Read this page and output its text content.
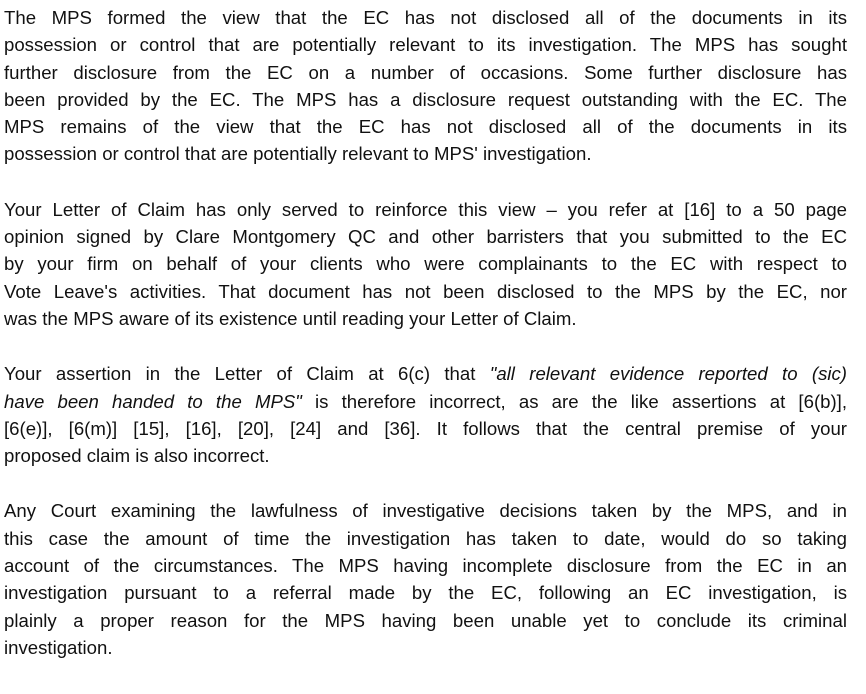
The MPS formed the view that the EC has not disclosed all of the documents in its
possession or control that are potentially relevant to its investigation. The MPS has sought
further disclosure from the EC on a number of occasions. Some further disclosure has
been provided by the EC. The MPS has a disclosure request outstanding with the EC. The
MPS remains of the view that the EC has not disclosed all of the documents in its
possession or control that are potentially relevant to MPS' investigation.

Your Letter of Claim has only served to reinforce this view – you refer at [16] to a 50 page
opinion signed by Clare Montgomery QC and other barristers that you submitted to the EC
by your firm on behalf of your clients who were complainants to the EC with respect to
Vote Leave's activities. That document has not been disclosed to the MPS by the EC, nor
was the MPS aware of its existence until reading your Letter of Claim.

Your assertion in the Letter of Claim at 6(c) that "all relevant evidence reported to (sic)
have been handed to the MPS" is therefore incorrect, as are the like assertions at [6(b)],
[6(e)], [6(m)] [15], [16], [20], [24] and [36]. It follows that the central premise of your
proposed claim is also incorrect.

Any Court examining the lawfulness of investigative decisions taken by the MPS, and in
this case the amount of time the investigation has taken to date, would do so taking
account of the circumstances. The MPS having incomplete disclosure from the EC in an
investigation pursuant to a referral made by the EC, following an EC investigation, is
plainly a proper reason for the MPS having been unable yet to conclude its criminal
investigation.
